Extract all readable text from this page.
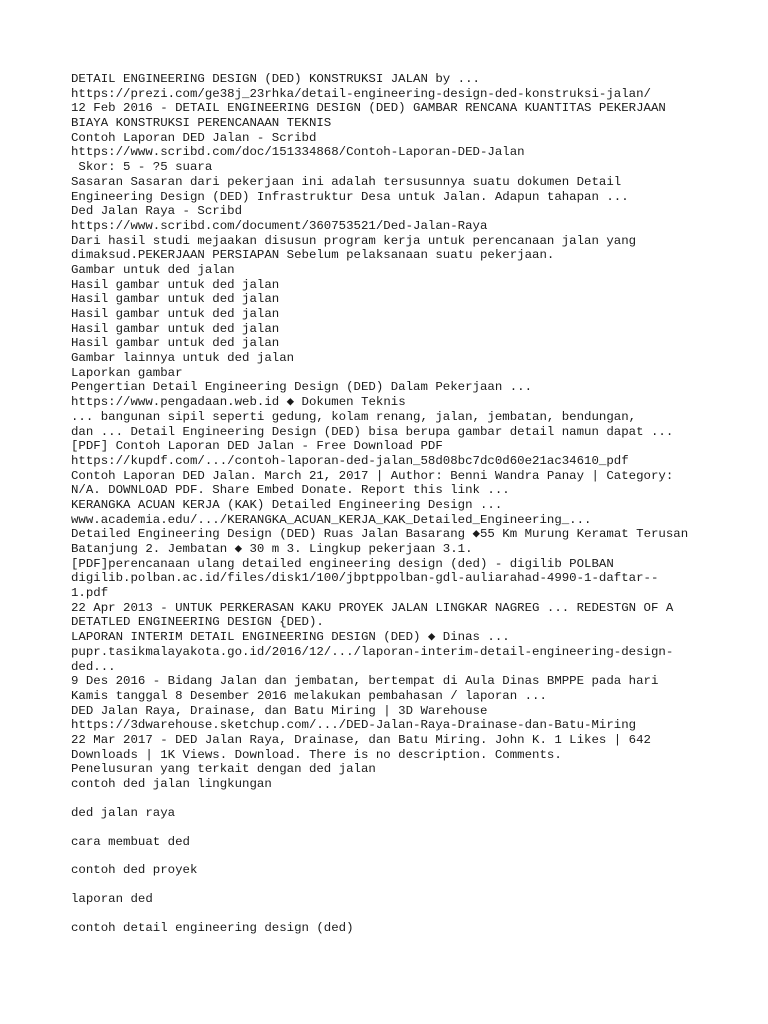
DETAIL ENGINEERING DESIGN (DED) KONSTRUKSI JALAN by ...
https://prezi.com/ge38j_23rhka/detail-engineering-design-ded-konstruksi-jalan/
12 Feb 2016 - DETAIL ENGINEERING DESIGN (DED) GAMBAR RENCANA KUANTITAS PEKERJAAN
BIAYA KONSTRUKSI PERENCANAAN TEKNIS
Contoh Laporan DED Jalan - Scribd
https://www.scribd.com/doc/151334868/Contoh-Laporan-DED-Jalan
Skor: 5 - ?5 suara
Sasaran Sasaran dari pekerjaan ini adalah tersusunnya suatu dokumen Detail
Engineering Design (DED) Infrastruktur Desa untuk Jalan. Adapun tahapan ...
Ded Jalan Raya - Scribd
https://www.scribd.com/document/360753521/Ded-Jalan-Raya
Dari hasil studi mejaakan disusun program kerja untuk perencanaan jalan yang
dimaksud.PEKERJAAN PERSIAPAN Sebelum pelaksanaan suatu pekerjaan.
Gambar untuk ded jalan
Hasil gambar untuk ded jalan
Hasil gambar untuk ded jalan
Hasil gambar untuk ded jalan
Hasil gambar untuk ded jalan
Hasil gambar untuk ded jalan
Gambar lainnya untuk ded jalan
Laporkan gambar
Pengertian Detail Engineering Design (DED) Dalam Pekerjaan ...
https://www.pengadaan.web.id ◆ Dokumen Teknis
... bangunan sipil seperti gedung, kolam renang, jalan, jembatan, bendungan,
dan ... Detail Engineering Design (DED) bisa berupa gambar detail namun dapat ...
[PDF] Contoh Laporan DED Jalan - Free Download PDF
https://kupdf.com/.../contoh-laporan-ded-jalan_58d08bc7dc0d60e21ac34610_pdf
Contoh Laporan DED Jalan. March 21, 2017 | Author: Benni Wandra Panay | Category:
N/A. DOWNLOAD PDF. Share Embed Donate. Report this link ...
KERANGKA ACUAN KERJA (KAK) Detailed Engineering Design ...
www.academia.edu/.../KERANGKA_ACUAN_KERJA_KAK_Detailed_Engineering_...
Detailed Engineering Design (DED) Ruas Jalan Basarang ◆55 Km Murung Keramat Terusan
Batanjung 2. Jembatan ◆ 30 m 3. Lingkup pekerjaan 3.1.
[PDF]perencanaan ulang detailed engineering design (ded) - digilib POLBAN
digilib.polban.ac.id/files/disk1/100/jbptppolban-gdl-auliarahad-4990-1-daftar--
1.pdf
22 Apr 2013 - UNTUK PERKERASAN KAKU PROYEK JALAN LINGKAR NAGREG ... REDESTGN OF A
DETATLED ENGINEERING DESIGN {DED).
LAPORAN INTERIM DETAIL ENGINEERING DESIGN (DED) ◆ Dinas ...
pupr.tasikmalayakota.go.id/2016/12/.../laporan-interim-detail-engineering-design-
ded...
9 Des 2016 - Bidang Jalan dan jembatan, bertempat di Aula Dinas BMPPE pada hari
Kamis tanggal 8 Desember 2016 melakukan pembahasan / laporan ...
DED Jalan Raya, Drainase, dan Batu Miring | 3D Warehouse
https://3dwarehouse.sketchup.com/.../DED-Jalan-Raya-Drainase-dan-Batu-Miring
22 Mar 2017 - DED Jalan Raya, Drainase, dan Batu Miring. John K. 1 Likes | 642
Downloads | 1K Views. Download. There is no description. Comments.
Penelusuran yang terkait dengan ded jalan
contoh ded jalan lingkungan
ded jalan raya
cara membuat ded
contoh ded proyek
laporan ded
contoh detail engineering design (ded)
